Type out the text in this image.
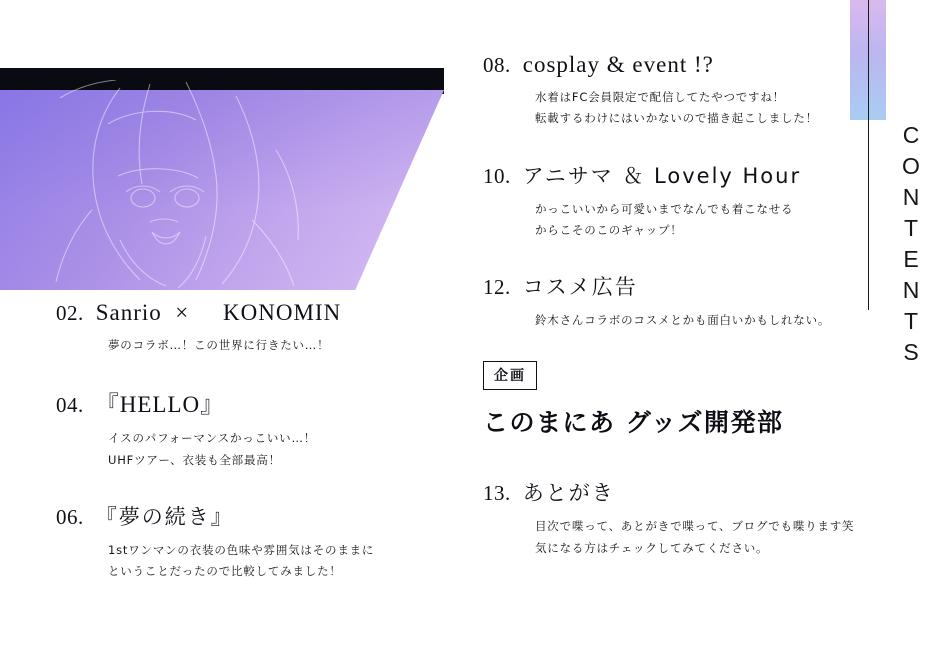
CONTENTS
02. Sanrio  ×     KONOMIN
夢のコラボ…！この世界に行きたい…！
04. 『HELLO』
イスのパフォーマンスかっこいい…！
UHFツアー、衣装も全部最高！
06. 『夢の続き』
1stワンマンの衣装の色味や雰囲気はそのままに
ということだったので比較してみました！
08. cosplay & event !?
水着はFC会員限定で配信してたやつですね！
転載するわけにはいかないので描き起こしました！
10. アニサマ ＆ Lovely Hour
かっこいいから可愛いまでなんでも着こなせる
からこそのこのギャップ！
12. コスメ広告
鈴木さんコラボのコスメとかも面白いかもしれない。
企画
このまにあ グッズ開発部
13. あとがき
目次で喋って、あとがきで喋って、ブログでも喋ります笑
気になる方はチェックしてみてください。
